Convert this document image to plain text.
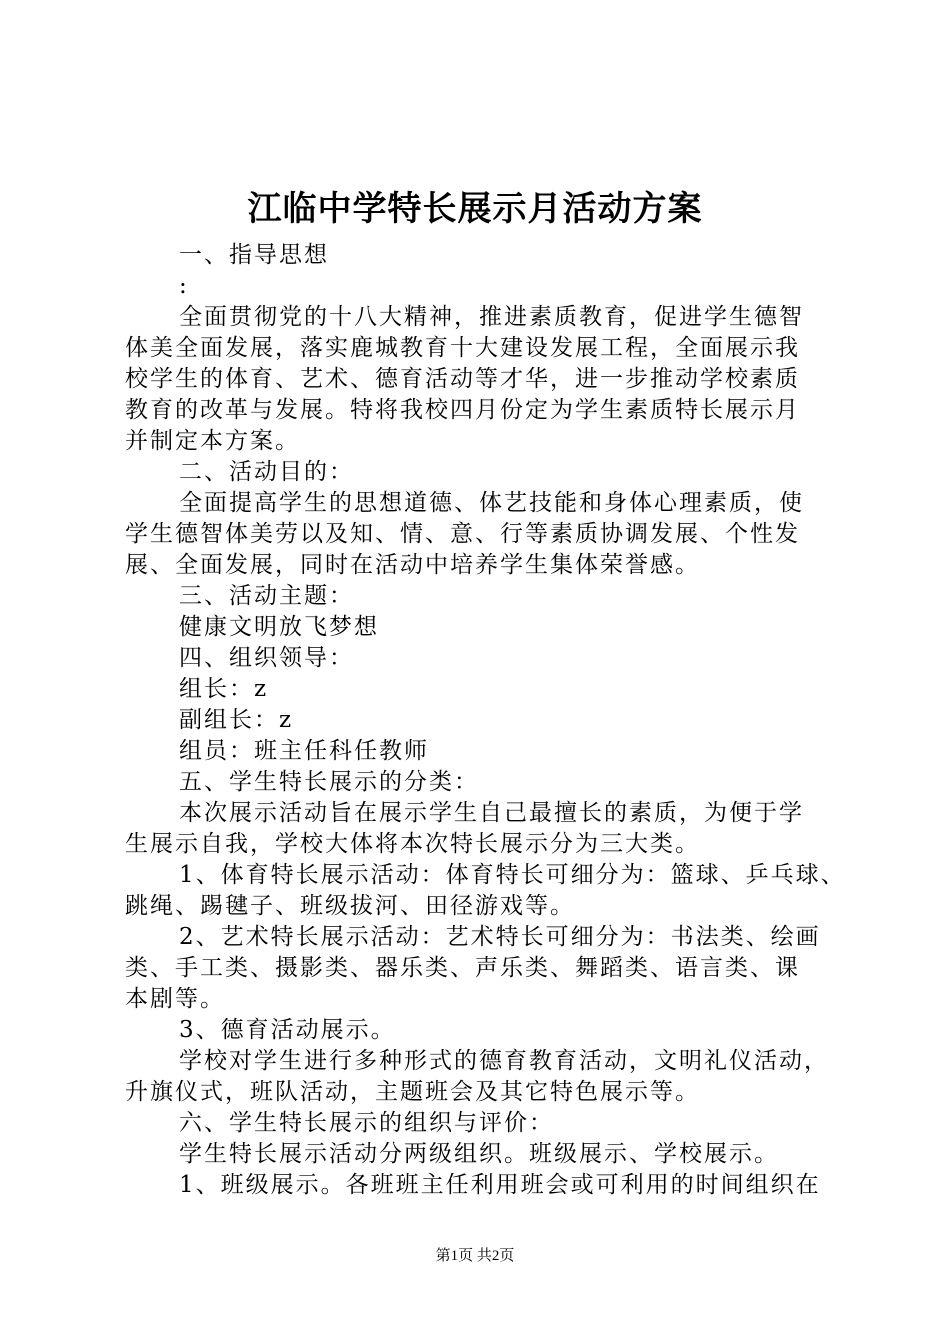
江临中学特长展示月活动方案
一、指导思想
:
全面贯彻党的十八大精神，推进素质教育，促进学生德智
体美全面发展，落实鹿城教育十大建设发展工程，全面展示我
校学生的体育、艺术、德育活动等才华，进一步推动学校素质
教育的改革与发展。特将我校四月份定为学生素质特长展示月
并制定本方案。
二、活动目的：
全面提高学生的思想道德、体艺技能和身体心理素质，使
学生德智体美劳以及知、情、意、行等素质协调发展、个性发
展、全面发展，同时在活动中培养学生集体荣誉感。
三、活动主题：
健康文明放飞梦想
四、组织领导：
组长：z
副组长：z
组员：班主任科任教师
五、学生特长展示的分类：
本次展示活动旨在展示学生自己最擅长的素质，为便于学
生展示自我，学校大体将本次特长展示分为三大类。
1、体育特长展示活动：体育特长可细分为：篮球、乒乓球、
跳绳、踢毽子、班级拔河、田径游戏等。
2、艺术特长展示活动：艺术特长可细分为：书法类、绘画
类、手工类、摄影类、器乐类、声乐类、舞蹈类、语言类、课
本剧等。
3、德育活动展示。
学校对学生进行多种形式的德育教育活动，文明礼仪活动，
升旗仪式，班队活动，主题班会及其它特色展示等。
六、学生特长展示的组织与评价：
学生特长展示活动分两级组织。班级展示、学校展示。
1、班级展示。各班班主任利用班会或可利用的时间组织在
第1页 共2页
